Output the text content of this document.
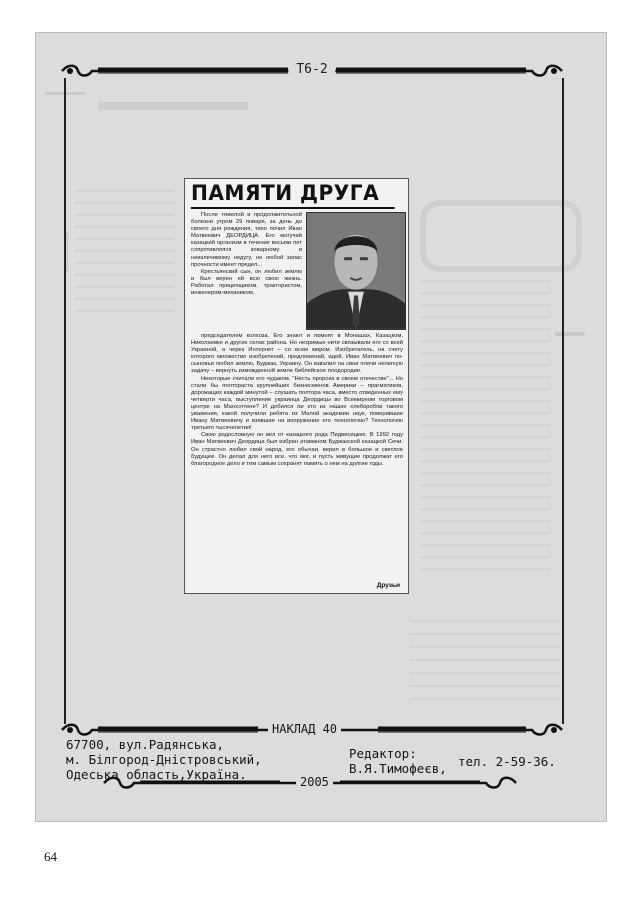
Т6-2
ПАМЯТИ ДРУГА

После тяжелой и продолжительной болезни утром 29 января, за день до своего дня рождения, тихо почил Иван Матвеевич ДЕОРДИЦА. Его могучий казацкий организм в течение восьми лет сопротивлялся коварному и неизлечимому недугу, но любой запас прочности имеет предел...

Крестьянский сын, он любил землю и был верен ей всю свою жизнь. Работал прицепщиком, трактористом, инженером-механиком,

председателем колхоза. Его знают и помнят в Монашах, Казацком, Николаевке и других селах района. Но незримые нити связывали его со всей Украиной, а через Интернет – со всем миром. Изобретатель, на счету которого множество изобретений, предложений, идей, Иван Матвеевич по-сыновьи любил землю, Буджак, Украину. Он взвалил на свои плечи нелегкую задачу – вернуть изможденной земле библейское плодородие.

Некоторые считали его чудаком. "Несть пророка в своем отечестве"... Но стали бы полтораста крупнейших бизнесменов Америки – прагматиков, дорожащих каждой минутой – слушать полтора часа, вместо отведенных ему четверти часа, выступление украинца Деордицы во Всемирном торговом центре на Манхэттене? И добился ли кто из наших хлеборобов такого уважения, какой получили ребята из Малой академии наук, поверившие Ивану Матвеевичу и взявшие на вооружение его технологию? Технологию третьего тысячелетия!

Свою родословную он вел от казацкого рода Пидвисицких. В 1992 году Иван Матвеевич Деордица был избран атаманом Буджакской казацкой Сечи. Он страстно любил свой народ, его обычаи, верил в большое и светлое будущее. Он делал для него все, что мог, и пусть живущие продолжат его благородное дело и тем самым сохранят память о нем на долгие годы.

Друзьи
НАКЛАД 40
67700, вул.Радянська,
м. Білгород-Дністровський,
Одеська область,Україна.
Редактор:
В.Я.Тимофеєв, тел. 2-59-36.
2005
64
